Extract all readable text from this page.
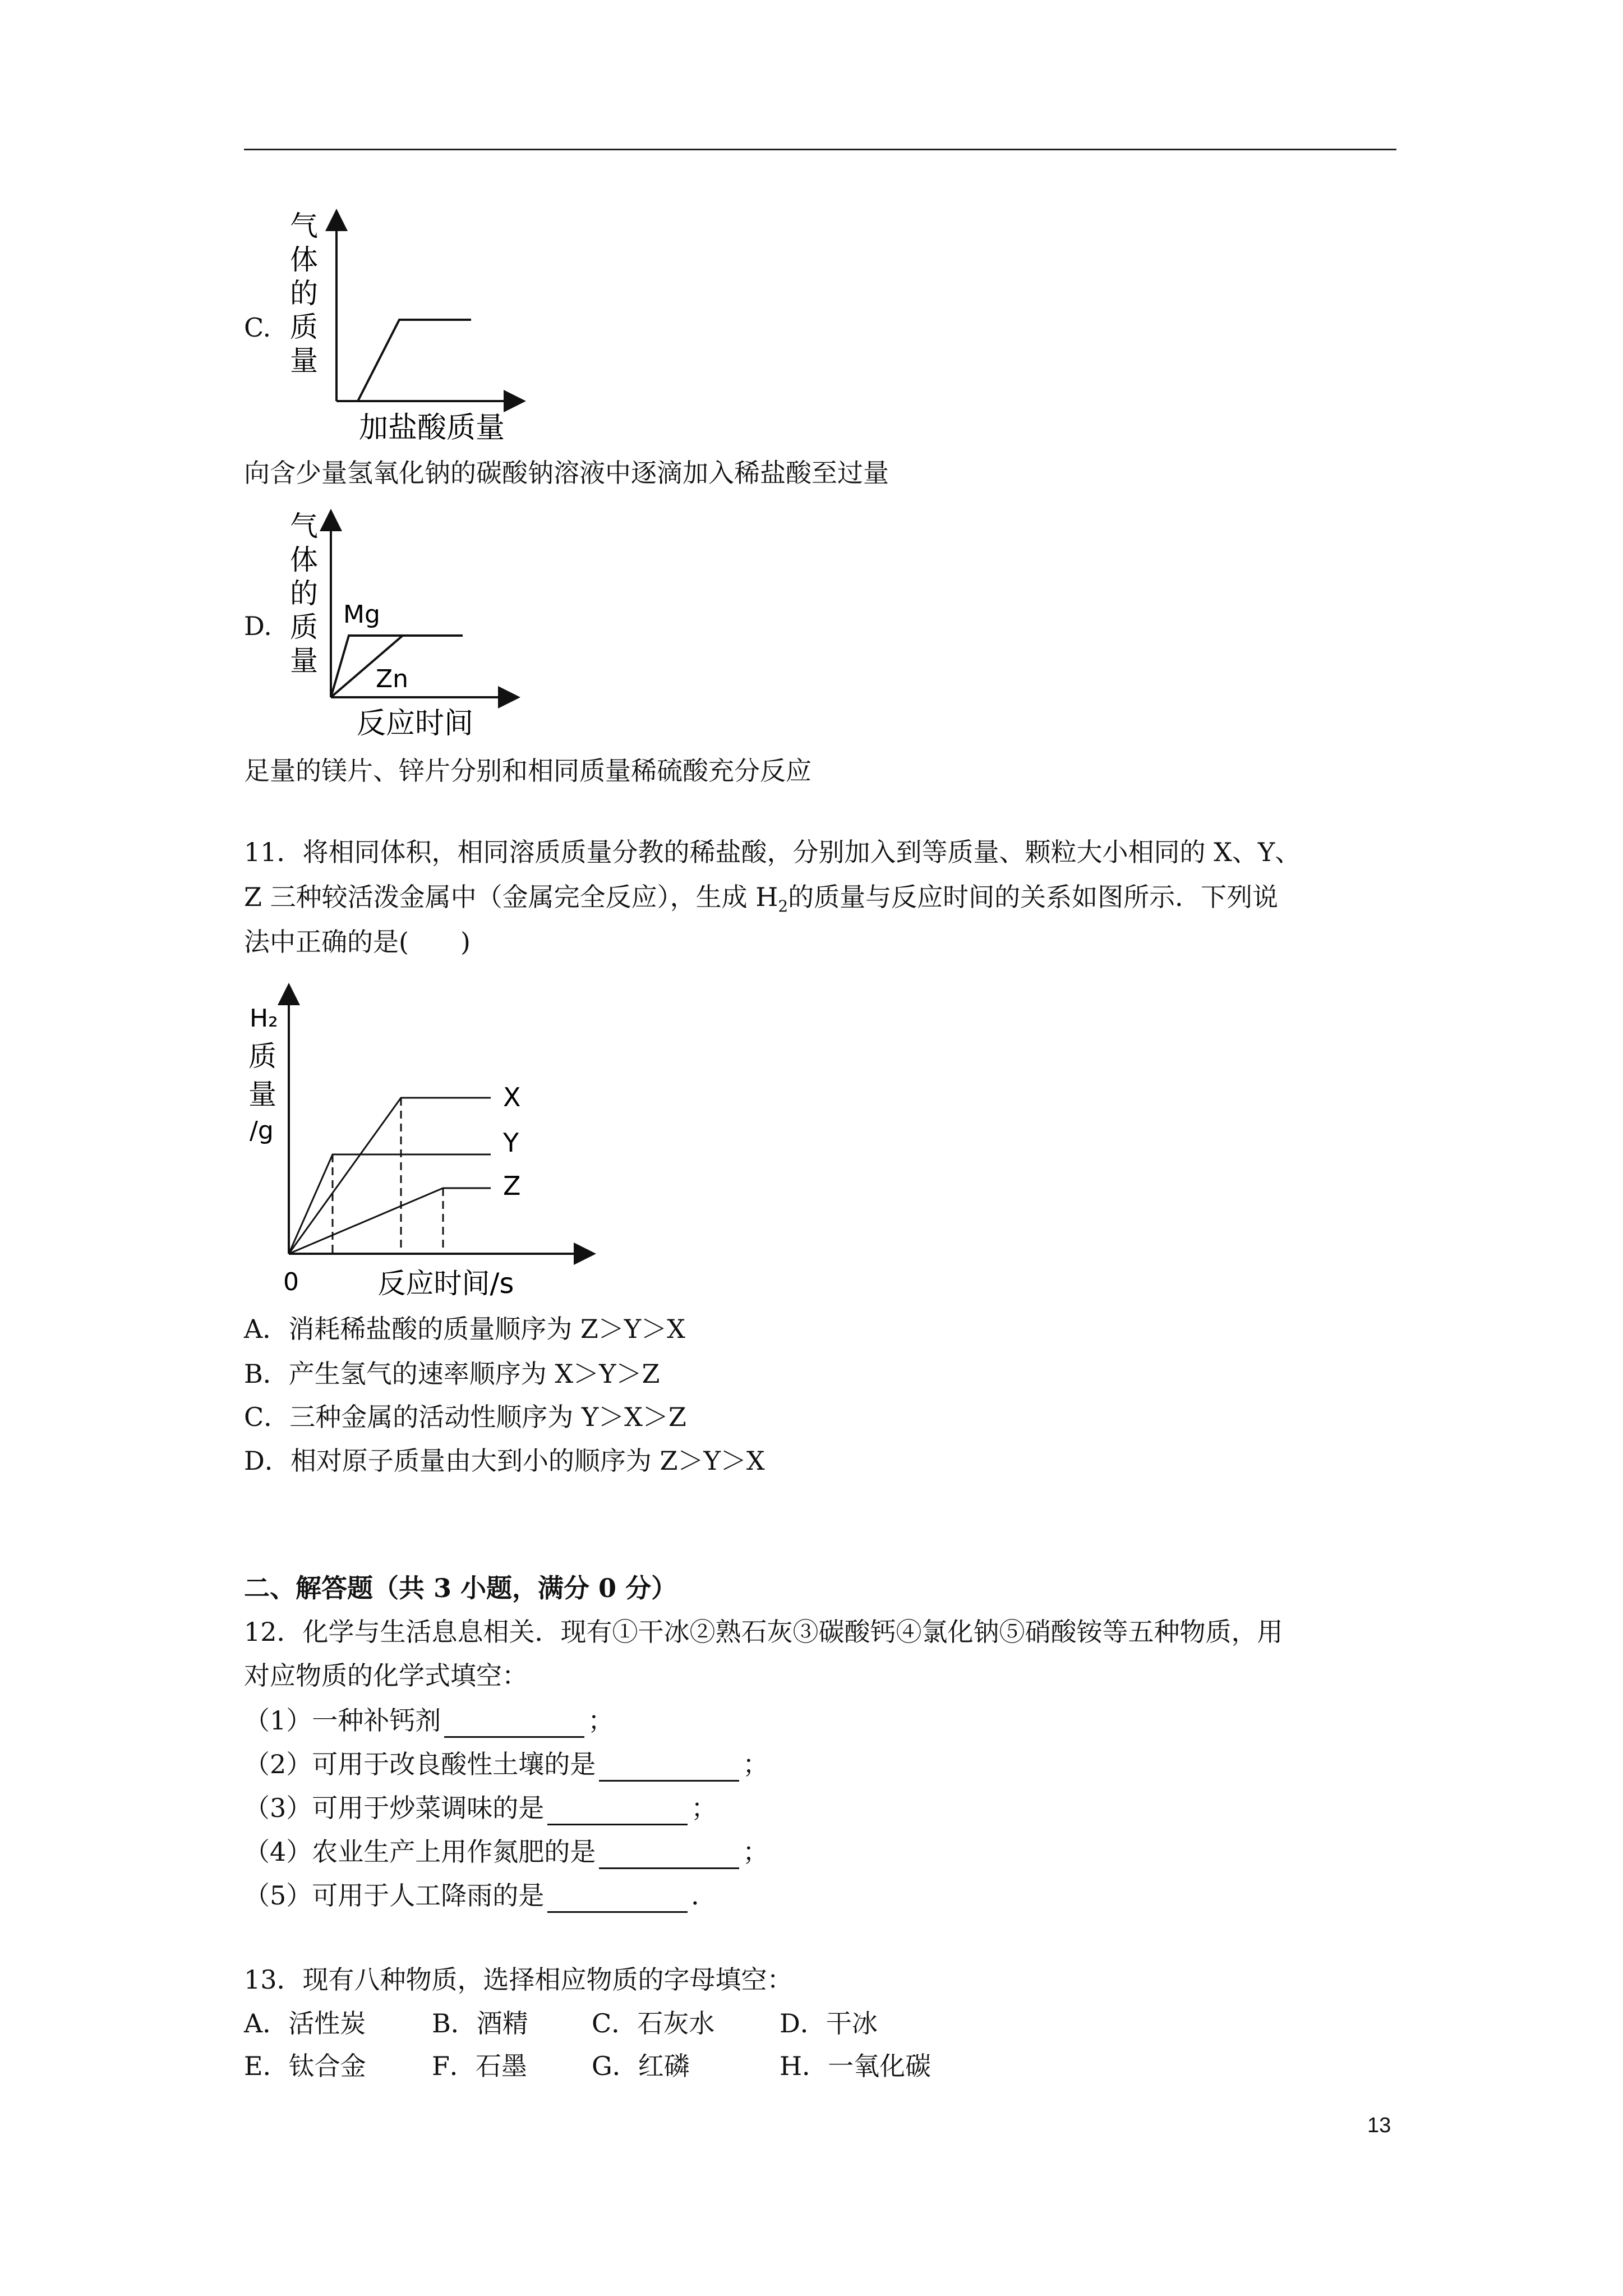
C.
气体的质量
加盐酸质量
向含少量氢氧化钠的碳酸钠溶液中逐滴加入稀盐酸至过量
D.
气体的质量
Mg
Zn
反应时间
足量的镁片、锌片分别和相同质量稀硫酸充分反应
11．将相同体积，相同溶质质量分教的稀盐酸，分别加入到等质量、颗粒大小相同的 X、Y、
Z 三种较活泼金属中（金属完全反应），生成 $H_2$的质量与反应时间的关系如图所示．下列说
法中正确的是(　　)
H₂
质
量
/g
X
Y
Z
0	反应时间/s
A．消耗稀盐酸的质量顺序为 Z＞Y＞X
B．产生氢气的速率顺序为 X＞Y＞Z
C．三种金属的活动性顺序为 Y＞X＞Z
D．相对原子质量由大到小的顺序为 Z＞Y＞X
二、解答题（共 3 小题，满分 0 分）
12．化学与生活息息相关．现有①干冰②熟石灰③碳酸钙④氯化钠⑤硝酸铵等五种物质，用
对应物质的化学式填空：
（1）一种补钙剂	；
（2）可用于改良酸性土壤的是	；
（3）可用于炒菜调味的是	；
（4）农业生产上用作氮肥的是	；
（5）可用于人工降雨的是	．
13．现有八种物质，选择相应物质的字母填空：
A．活性炭	B．酒精 C．石灰水	D．干冰
E．钛合金	F．石墨	G．红磷	H．一氧化碳
13
